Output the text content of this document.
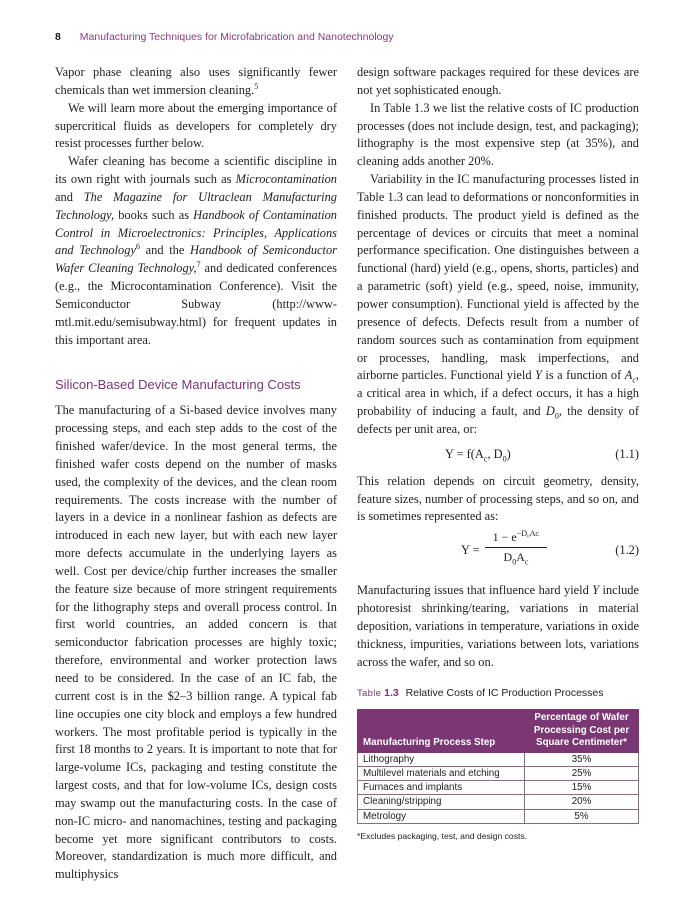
8 Manufacturing Techniques for Microfabrication and Nanotechnology

Vapor phase cleaning also uses significantly fewer chemicals than wet immersion cleaning.$^5$

We will learn more about the emerging importance of supercritical fluids as developers for completely dry resist processes further below.

Wafer cleaning has become a scientific discipline in its own right with journals such as Microcontamination and The Magazine for Ultraclean Manufacturing Technology, books such as Handbook of Contamination Control in Microelectronics: Principles, Applications and Technology$^6$ and the Handbook of Semiconductor Wafer Cleaning Technology,$^7$ and dedicated conferences (e.g., the Microcontamination Conference). Visit the Semiconductor Subway (http://www-mtl.mit.edu/semisubway.html) for frequent updates in this important area.

Silicon-Based Device Manufacturing Costs

The manufacturing of a Si-based device involves many processing steps, and each step adds to the cost of the finished wafer/device. In the most general terms, the finished wafer costs depend on the number of masks used, the complexity of the devices, and the clean room requirements. The costs increase with the number of layers in a device in a nonlinear fashion as defects are introduced in each new layer, but with each new layer more defects accumulate in the underlying layers as well. Cost per device/chip further increases the smaller the feature size because of more stringent requirements for the lithography steps and overall process control. In first world countries, an added concern is that semiconductor fabrication processes are highly toxic; therefore, environmental and worker protection laws need to be considered. In the case of an IC fab, the current cost is in the $2–3 billion range. A typical fab line occupies one city block and employs a few hundred workers. The most profitable period is typically in the first 18 months to 2 years. It is important to note that for large-volume ICs, packaging and testing constitute the largest costs, and that for low-volume ICs, design costs may swamp out the manufacturing costs. In the case of non-IC micro- and nanomachines, testing and packaging become yet more significant contributors to costs. Moreover, standardization is much more difficult, and multiphysics

design software packages required for these devices are not yet sophisticated enough.

In Table 1.3 we list the relative costs of IC production processes (does not include design, test, and packaging); lithography is the most expensive step (at 35%), and cleaning adds another 20%.

Variability in the IC manufacturing processes listed in Table 1.3 can lead to deformations or nonconformities in finished products. The product yield is defined as the percentage of devices or circuits that meet a nominal performance specification. One distinguishes between a functional (hard) yield (e.g., opens, shorts, particles) and a parametric (soft) yield (e.g., speed, noise, immunity, power consumption). Functional yield is affected by the presence of defects. Defects result from a number of random sources such as contamination from equipment or processes, handling, mask imperfections, and airborne particles. Functional yield Y is a function of $A_c$, a critical area in which, if a defect occurs, it has a high probability of inducing a fault, and $D_0$, the density of defects per unit area, or:

$Y = f(A_c$, $D_0$)	(1.1)

This relation depends on circuit geometry, density, feature sizes, number of processing steps, and so on, and is sometimes represented as:

$Y = \frac{1 - e^{-D_0Aᴄ}}{D_0A_c}$	(1.2)

Manufacturing issues that influence hard yield Y include photoresist shrinking/tearing, variations in material deposition, variations in temperature, variations in oxide thickness, impurities, variations between lots, variations across the wafer, and so on.

Table 1.3 Relative Costs of IC Production Processes
Manufacturing Process Step	Percentage of Wafer Processing Cost per Square Centimeter*
Lithography	35%
Multilevel materials and etching	25%
Furnaces and implants	15%
Cleaning/stripping	20%
Metrology	5%
*Excludes packaging, test, and design costs.
